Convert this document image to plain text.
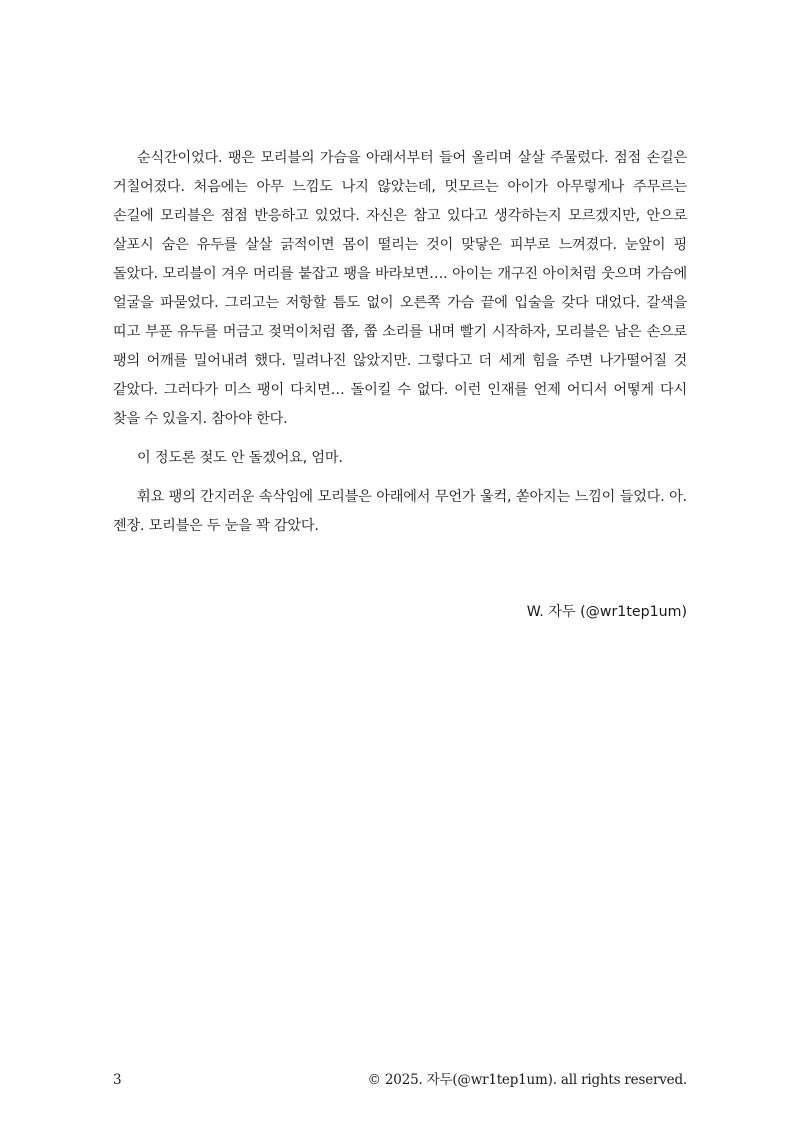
순식간이었다. 팽은 모리블의 가슴을 아래서부터 들어 올리며 살살 주물렀다. 점점 손길은 거칠어졌다. 처음에는 아무 느낌도 나지 않았는데, 멋모르는 아이가 아무렇게나 주무르는 손길에 모리블은 점점 반응하고 있었다. 자신은 참고 있다고 생각하는지 모르겠지만, 안으로 살포시 숨은 유두를 살살 긁적이면 몸이 떨리는 것이 맞닿은 피부로 느껴졌다. 눈앞이 핑 돌았다. 모리블이 겨우 머리를 붙잡고 팽을 바라보면…. 아이는 개구진 아이처럼 웃으며 가슴에 얼굴을 파묻었다. 그리고는 저항할 틈도 없이 오른쪽 가슴 끝에 입술을 갖다 대었다. 갈색을 띠고 부푼 유두를 머금고 젖먹이처럼 쭙, 쭙 소리를 내며 빨기 시작하자, 모리블은 남은 손으로 팽의 어깨를 밀어내려 했다. 밀려나진 않았지만. 그렇다고 더 세게 힘을 주면 나가떨어질 것 같았다. 그러다가 미스 팽이 다치면… 돌이킬 수 없다. 이런 인재를 언제 어디서 어떻게 다시 찾을 수 있을지. 참아야 한다.

이 정도론 젖도 안 돌겠어요, 엄마.

휘요 팽의 간지러운 속삭임에 모리블은 아래에서 무언가 울컥, 쏟아지는 느낌이 들었다. 아. 젠장. 모리블은 두 눈을 꽉 감았다.

W. 자두 (@wr1tep1um)
3	© 2025. 자두(@wr1tep1um). all rights reserved.
